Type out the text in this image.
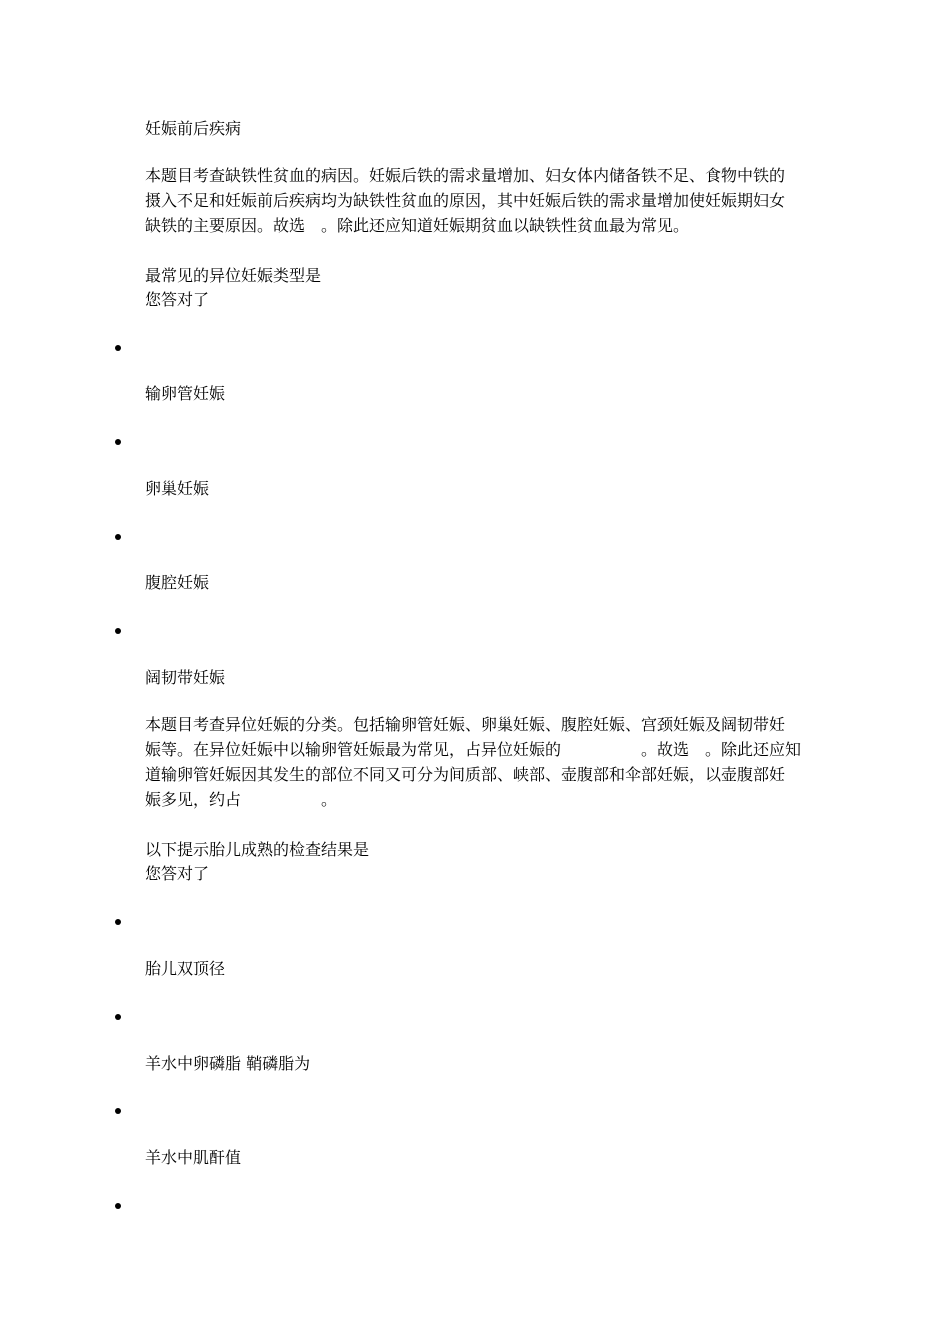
妊娠前后疾病
本题目考查缺铁性贫血的病因。妊娠后铁的需求量增加、妇女体内储备铁不足、食物中铁的
摄入不足和妊娠前后疾病均为缺铁性贫血的原因，其中妊娠后铁的需求量增加使妊娠期妇女
缺铁的主要原因。故选　。除此还应知道妊娠期贫血以缺铁性贫血最为常见。
最常见的异位妊娠类型是
您答对了
输卵管妊娠
卵巢妊娠
腹腔妊娠
阔韧带妊娠
本题目考查异位妊娠的分类。包括输卵管妊娠、卵巢妊娠、腹腔妊娠、宫颈妊娠及阔韧带妊
娠等。在异位妊娠中以输卵管妊娠最为常见，占异位妊娠的　　　　　。故选　。除此还应知
道输卵管妊娠因其发生的部位不同又可分为间质部、峡部、壶腹部和伞部妊娠，以壶腹部妊
娠多见，约占　　　　　。
以下提示胎儿成熟的检查结果是
您答对了
胎儿双顶径
羊水中卵磷脂 鞘磷脂为
羊水中肌酐值
